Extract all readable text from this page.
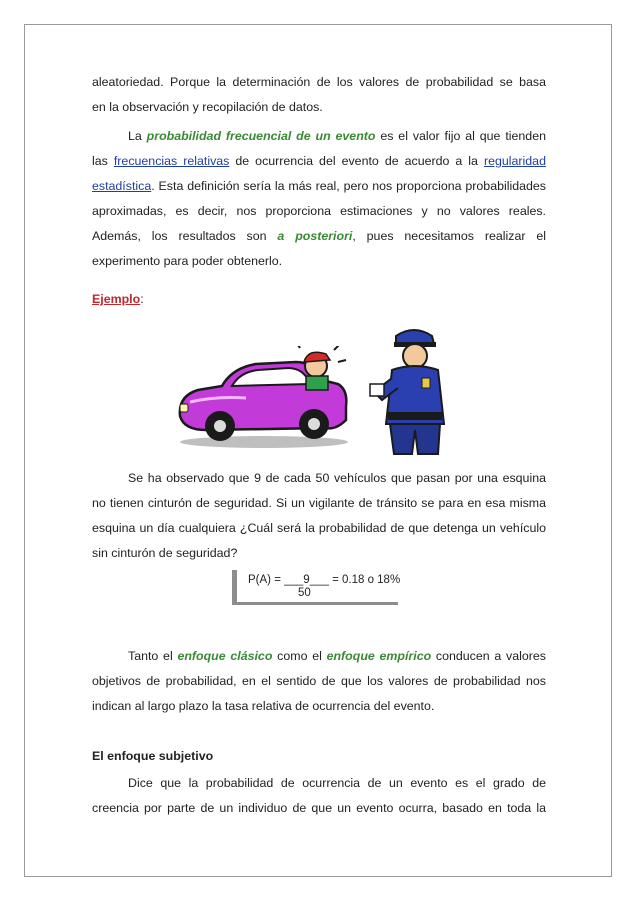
aleatoriedad. Porque la determinación de los valores de probabilidad se basa

en la observación y recopilación de datos.

La probabilidad frecuencial de un evento es el valor fijo al que tienden las frecuencias relativas de ocurrencia del evento de acuerdo a la regularidad estadística. Esta definición sería la más real, pero nos proporciona probabilidades aproximadas, es decir, nos proporciona estimaciones y no valores reales. Además, los resultados son a posteriori, pues necesitamos realizar el experimento para poder obtenerlo.

Ejemplo:

Se ha observado que 9 de cada 50 vehículos que pasan por una esquina no tienen cinturón de seguridad. Si un vigilante de tránsito se para en esa misma esquina un día cualquiera ¿Cuál será la probabilidad de que detenga un vehículo sin cinturón de seguridad?

P(A) = ___9___ = 0.18 o 18%
50

Tanto el enfoque clásico como el enfoque empírico conducen a valores objetivos de probabilidad, en el sentido de que los valores de probabilidad nos indican al largo plazo la tasa relativa de ocurrencia del evento.

El enfoque subjetivo

Dice que la probabilidad de ocurrencia de un evento es el grado de creencia por parte de un individuo de que un evento ocurra, basado en toda la
